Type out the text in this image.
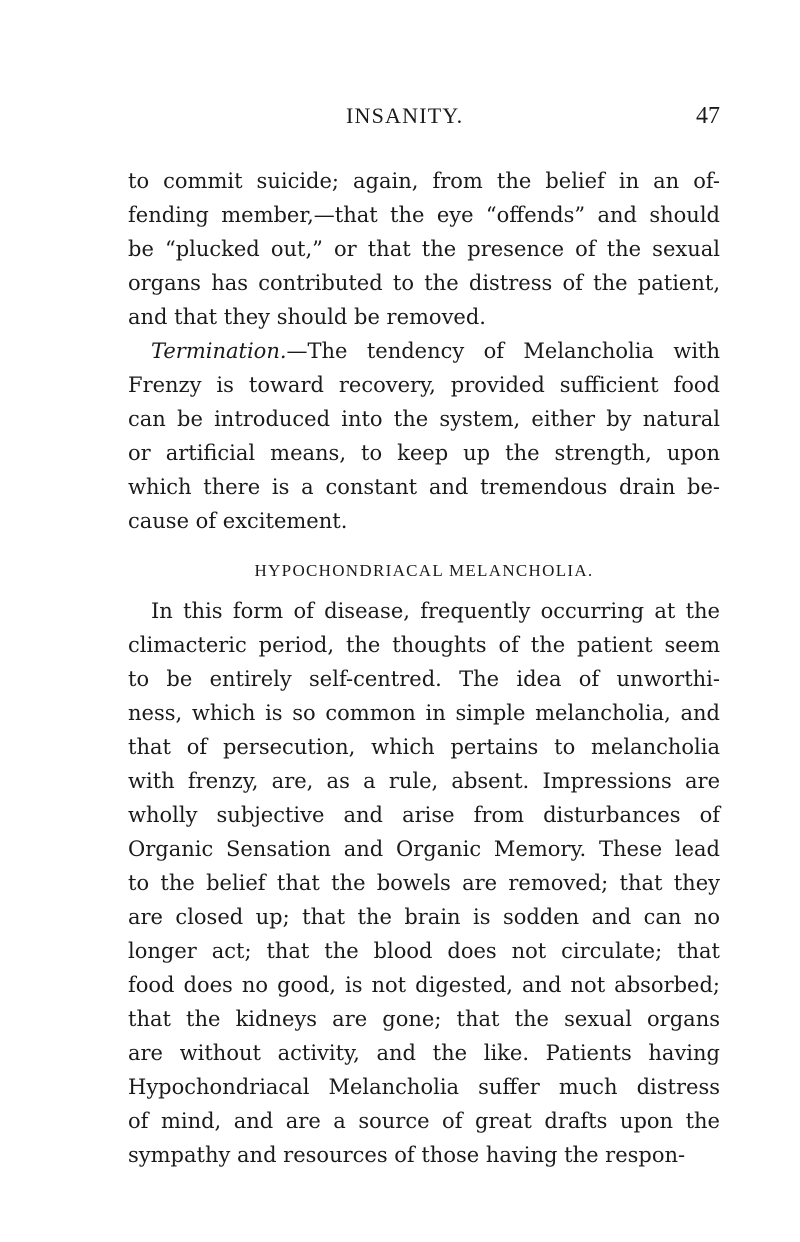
INSANITY.	47
to commit suicide; again, from the belief in an of-
fending member,—that the eye “offends” and should
be “plucked out,” or that the presence of the sexual
organs has contributed to the distress of the patient,
and that they should be removed.
Termination.—The tendency of Melancholia with
Frenzy is toward recovery, provided sufficient food
can be introduced into the system, either by natural
or artificial means, to keep up the strength, upon
which there is a constant and tremendous drain be-
cause of excitement.
HYPOCHONDRIACAL MELANCHOLIA.
In this form of disease, frequently occurring at the
climacteric period, the thoughts of the patient seem
to be entirely self-centred. The idea of unworthi-
ness, which is so common in simple melancholia, and
that of persecution, which pertains to melancholia
with frenzy, are, as a rule, absent. Impressions are
wholly subjective and arise from disturbances of
Organic Sensation and Organic Memory. These lead
to the belief that the bowels are removed; that they
are closed up; that the brain is sodden and can no
longer act; that the blood does not circulate; that
food does no good, is not digested, and not absorbed;
that the kidneys are gone; that the sexual organs
are without activity, and the like. Patients having
Hypochondriacal Melancholia suffer much distress
of mind, and are a source of great drafts upon the
sympathy and resources of those having the respon-
